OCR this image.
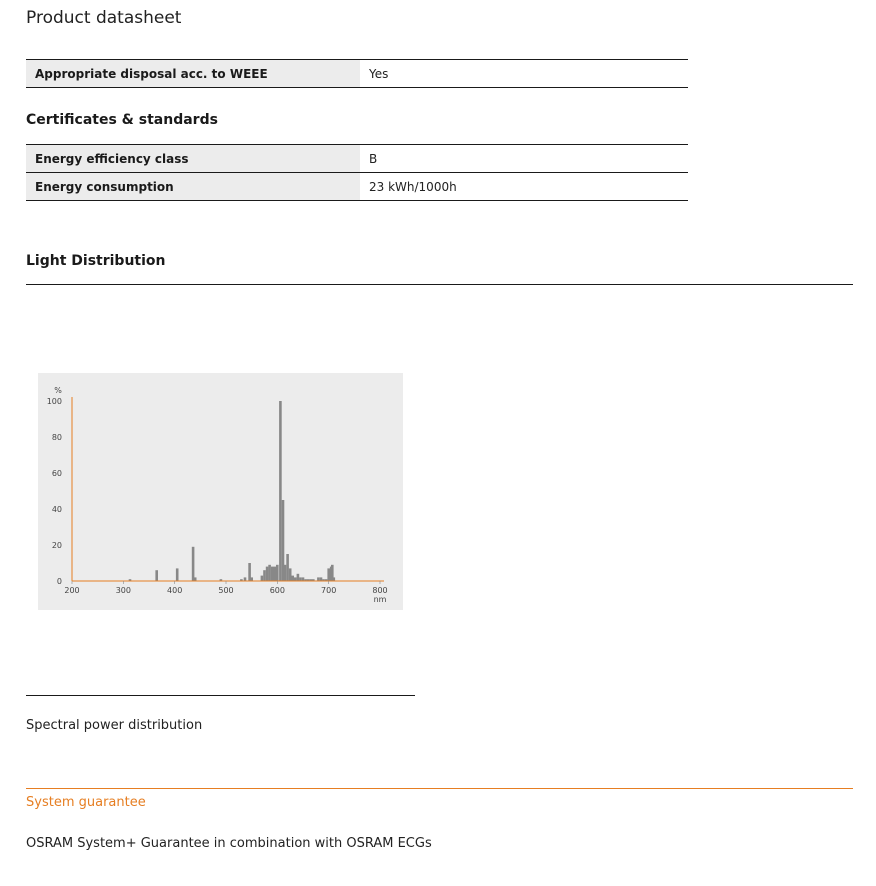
Product datasheet
Appropriate disposal acc. to WEEE	Yes
Certificates & standards
Energy efficiency class	B
Energy consumption	23 kWh/1000h
Light Distribution
0
20
40
60
80
100
%
200	300	400	500	600	700	800
nm
Spectral power distribution
System guarantee
OSRAM System+ Guarantee in combination with OSRAM ECGs
